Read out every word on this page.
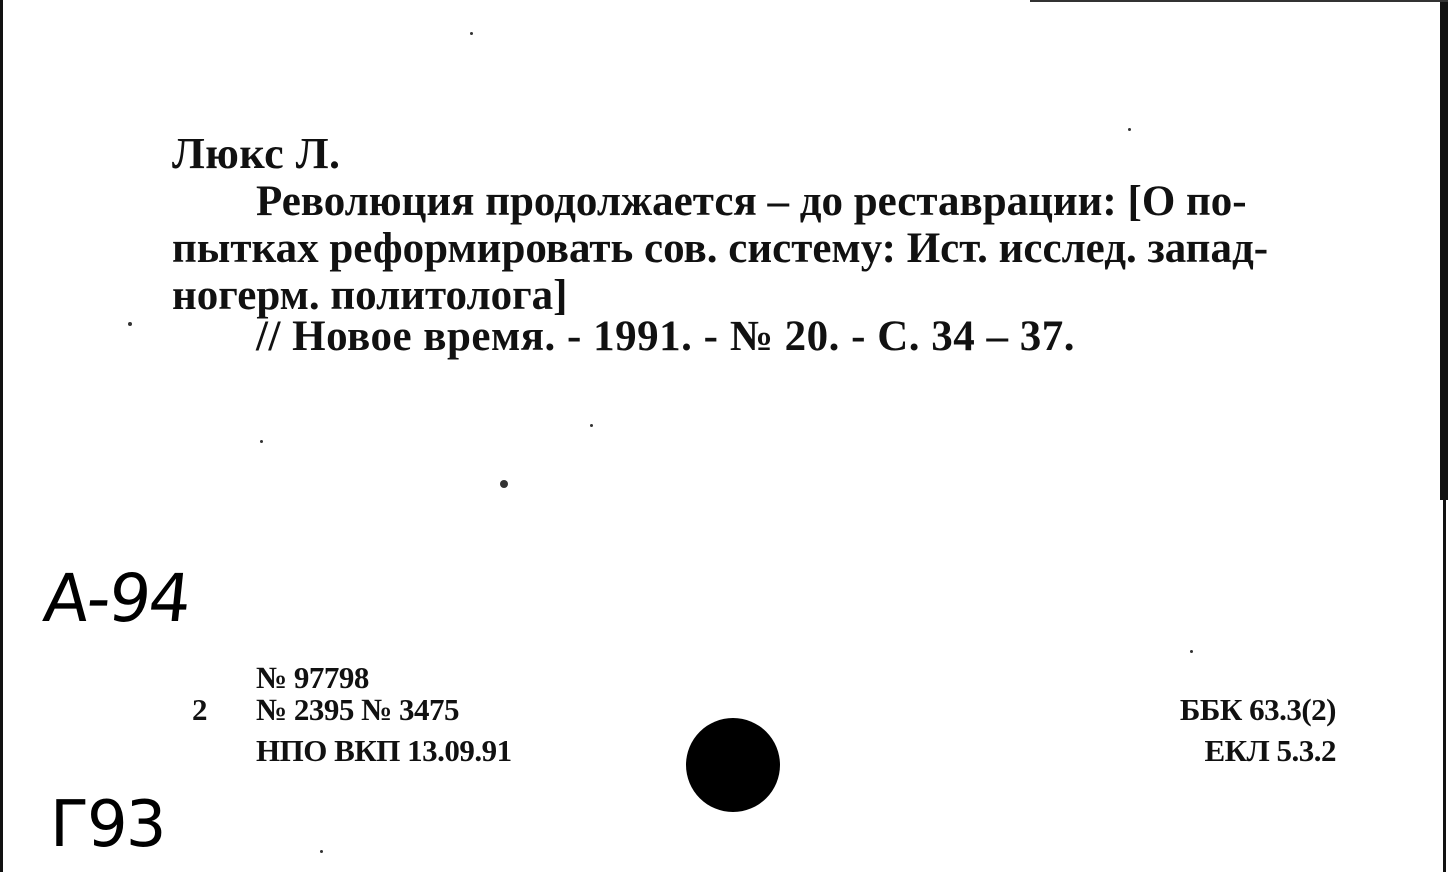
Люкс Л.
Революция продолжается – до реставрации: [О по-
пытках реформировать сов. систему: Ист. исслед. запад-
ногерм. политолога]
// Новое время. - 1991. - № 20. - С. 34 – 37.
А-94
Г93
№ 97798
2 № 2395 № 3475
НПО ВКП 13.09.91
ББК 63.3(2)
ЕКЛ 5.3.2
